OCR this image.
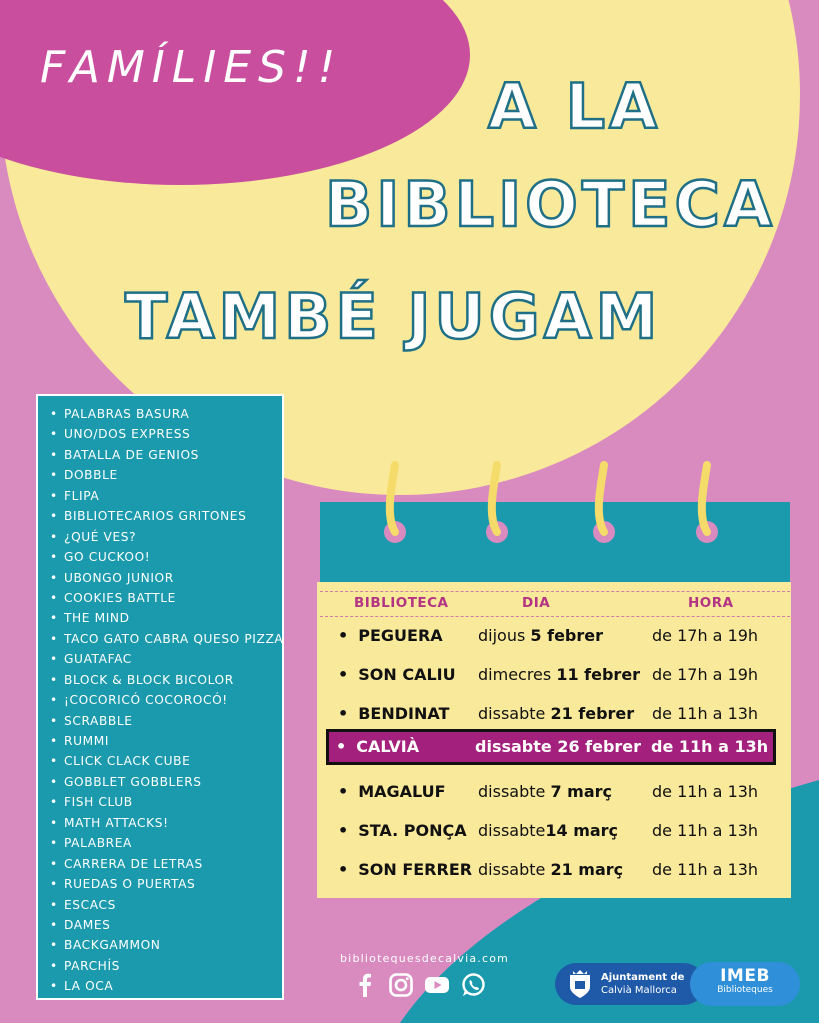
FAMÍLIES!!
A LA
BIBLIOTECA
TAMBÉ JUGAM
• PALABRAS BASURA
• UNO/DOS EXPRESS
• BATALLA DE GENIOS
• DOBBLE
• FLIPA
• BIBLIOTECARIOS GRITONES
• ¿QUÉ VES?
• GO CUCKOO!
• UBONGO JUNIOR
• COOKIES BATTLE
• THE MIND
• TACO GATO CABRA QUESO PIZZA
• GUATAFAC
• BLOCK & BLOCK BICOLOR
• ¡COCORICÓ COCOROCÓ!
• SCRABBLE
• RUMMI
• CLICK CLACK CUBE
• GOBBLET GOBBLERS
• FISH CLUB
• MATH ATTACKS!
• PALABREA
• CARRERA DE LETRAS
• RUEDAS O PUERTAS
• ESCACS
• DAMES
• BACKGAMMON
• PARCHÍS
• LA OCA
BIBLIOTECA	DIA	HORA
• PEGUERA dijous 5 febrer	de 17h a 19h
• SON CALIU dimecres 11 febrer de 17h a 19h
• BENDINAT dissabte 21 febrer de 11h a 13h
• CALVIÀ	dissabte 26 febrer de 11h a 13h
• MAGALUF dissabte 7 març	de 11h a 13h
• STA. PONÇA dissabte14 març de 11h a 13h
• SON FERRER dissabte 21 març de 11h a 13h
bibliotequesdecalvia.com
Ajuntament de
Calvià Mallorca
IMEB
Biblioteques
